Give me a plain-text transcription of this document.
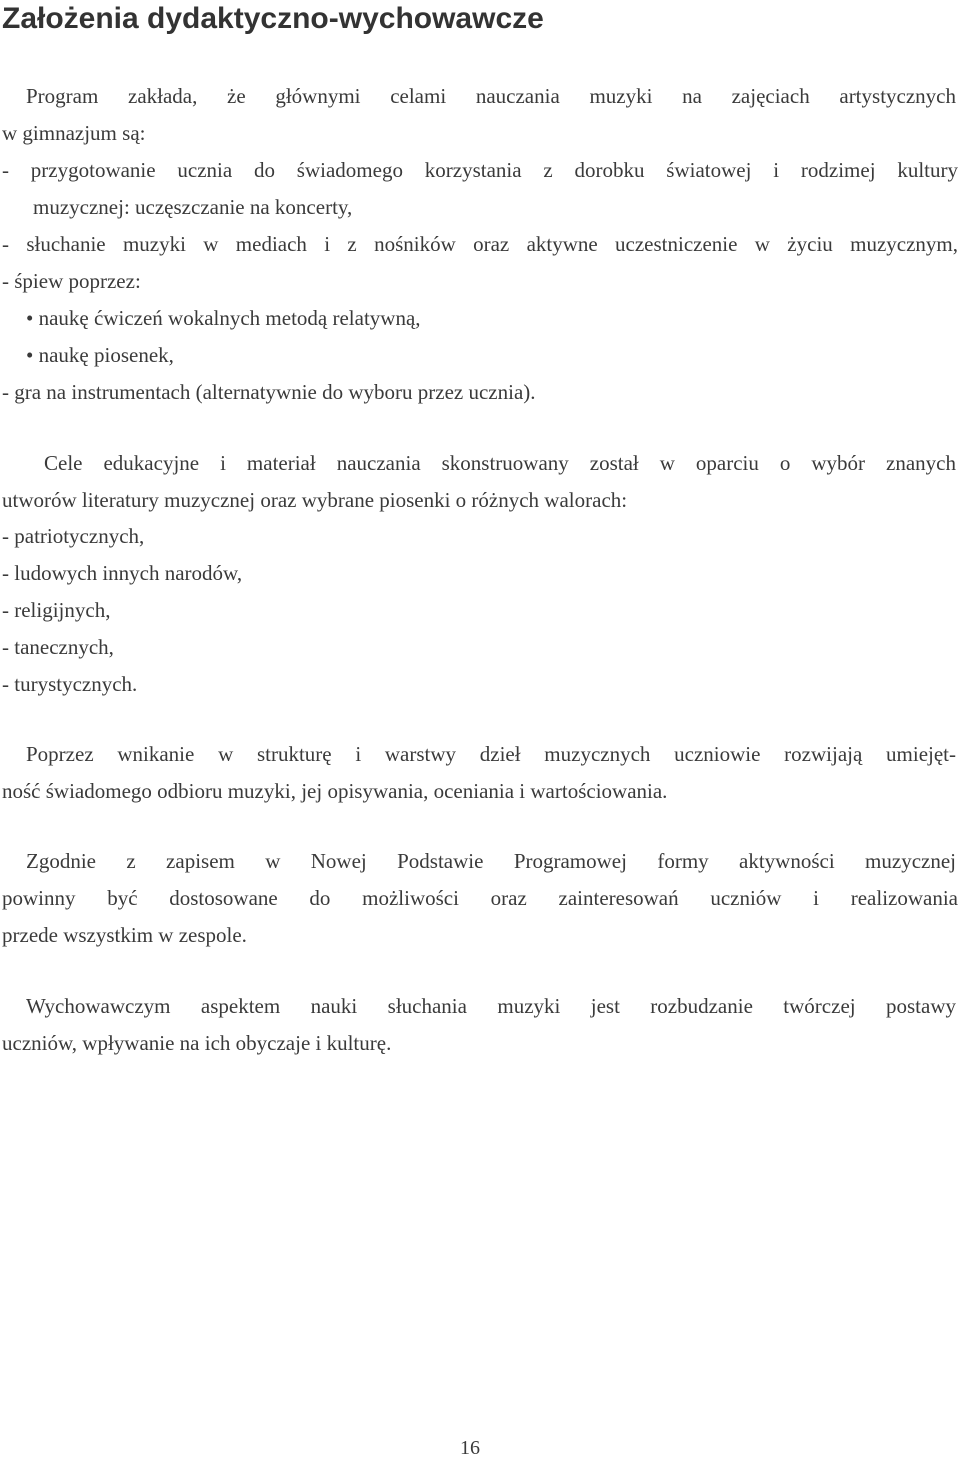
Założenia dydaktyczno-wychowawcze
Program zakłada, że głównymi celami nauczania muzyki na zajęciach artystycznych
w gimnazjum są:
- przygotowanie ucznia do świadomego korzystania z dorobku światowej i rodzimej kultury
muzycznej: uczęszczanie na koncerty,
- słuchanie muzyki w mediach i z nośników oraz aktywne uczestniczenie w życiu muzycznym,
- śpiew poprzez:
• naukę ćwiczeń wokalnych metodą relatywną,
• naukę piosenek,
- gra na instrumentach (alternatywnie do wyboru przez ucznia).
Cele edukacyjne i materiał nauczania skonstruowany został w oparciu o wybór znanych
utworów literatury muzycznej oraz wybrane piosenki o różnych walorach:
- patriotycznych,
- ludowych innych narodów,
- religijnych,
- tanecznych,
- turystycznych.
Poprzez wnikanie w strukturę i warstwy dzieł muzycznych uczniowie rozwijają umiejęt-
ność świadomego odbioru muzyki, jej opisywania, oceniania i wartościowania.
Zgodnie z zapisem w Nowej Podstawie Programowej formy aktywności muzycznej
powinny być dostosowane do możliwości oraz zainteresowań uczniów i realizowania
przede wszystkim w zespole.
Wychowawczym aspektem nauki słuchania muzyki jest rozbudzanie twórczej postawy
uczniów, wpływanie na ich obyczaje i kulturę.
16
